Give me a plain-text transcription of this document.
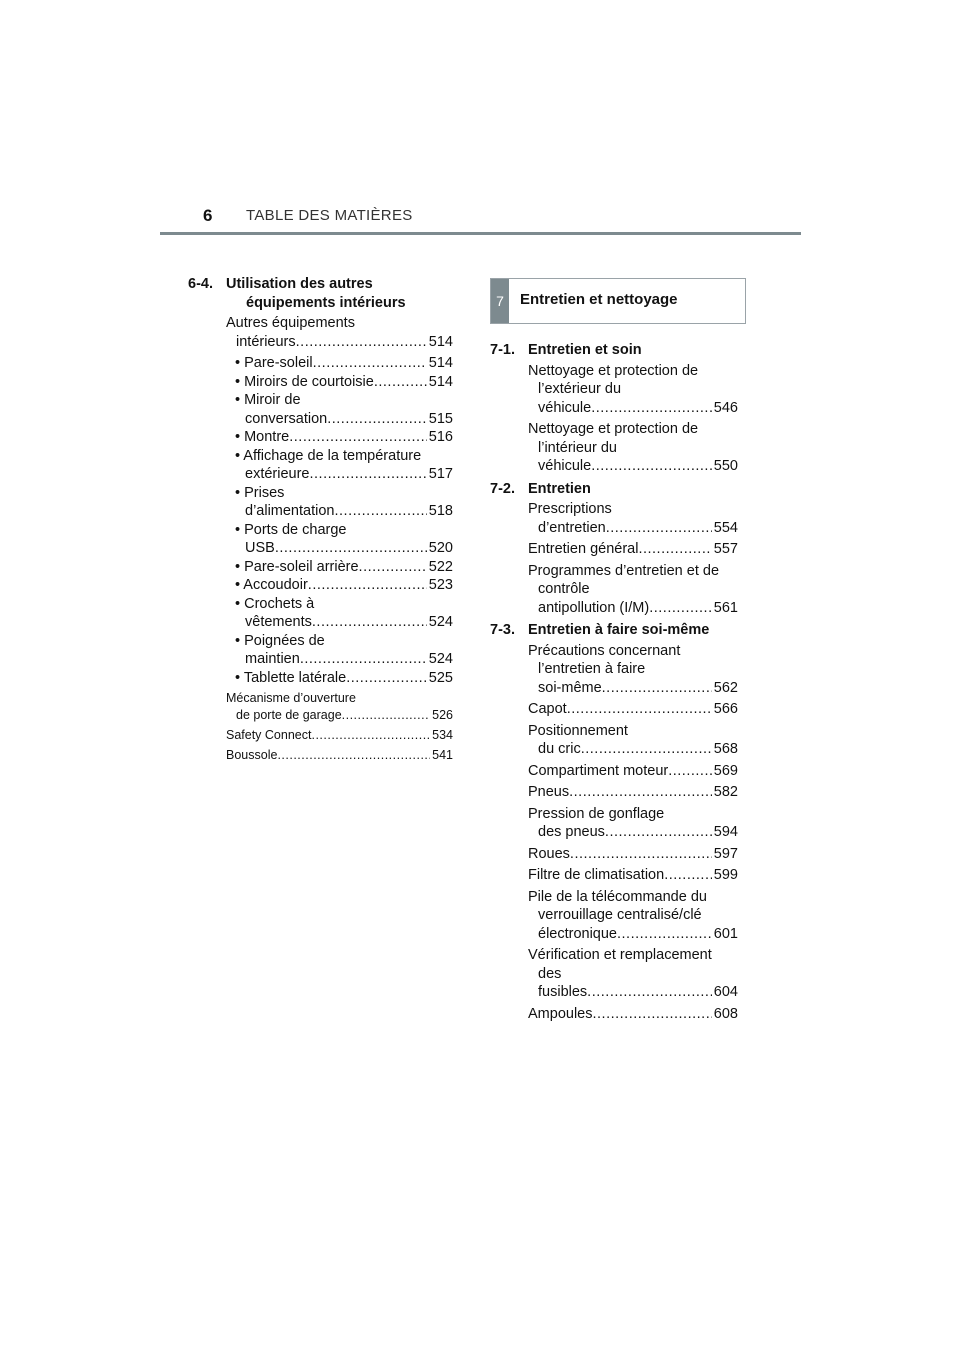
6 TABLE DES MATIÈRES
6-4. Utilisation des autres équipements intérieurs
Autres équipements
intérieurs .....	514
• Pare-soleil .....	514
• Miroirs de courtoisie .....	514
• Miroir de
conversation .....	515
• Montre .....	516
• Affichage de la température
extérieure .....	517
• Prises
d’alimentation .....	518
• Ports de charge
USB .....	520
• Pare-soleil arrière .....	522
• Accoudoir .....	523
• Crochets à
vêtements .....	524
• Poignées de
maintien .....	524
• Tablette latérale .....	525
Mécanisme d’ouverture
de porte de garage .....	526
Safety Connect .....	534
Boussole .....	541
7	Entretien et nettoyage
7-1. Entretien et soin
Nettoyage et protection de l’extérieur du
véhicule .....	546
Nettoyage et protection de l’intérieur du
véhicule .....	550
7-2. Entretien
Prescriptions
d’entretien .....	554
Entretien général .....	557
Programmes d’entretien et de contrôle
antipollution (I/M) .....	561
7-3. Entretien à faire soi-même
Précautions concernant l’entretien à faire
soi-même .....	562
Capot .....	566
Positionnement
du cric .....	568
Compartiment moteur .....	569
Pneus .....	582
Pression de gonflage
des pneus .....	594
Roues .....	597
Filtre de climatisation .....	599
Pile de la télécommande du verrouillage centralisé/clé
électronique .....	601
Vérification et remplacement des
fusibles .....	604
Ampoules .....	608
